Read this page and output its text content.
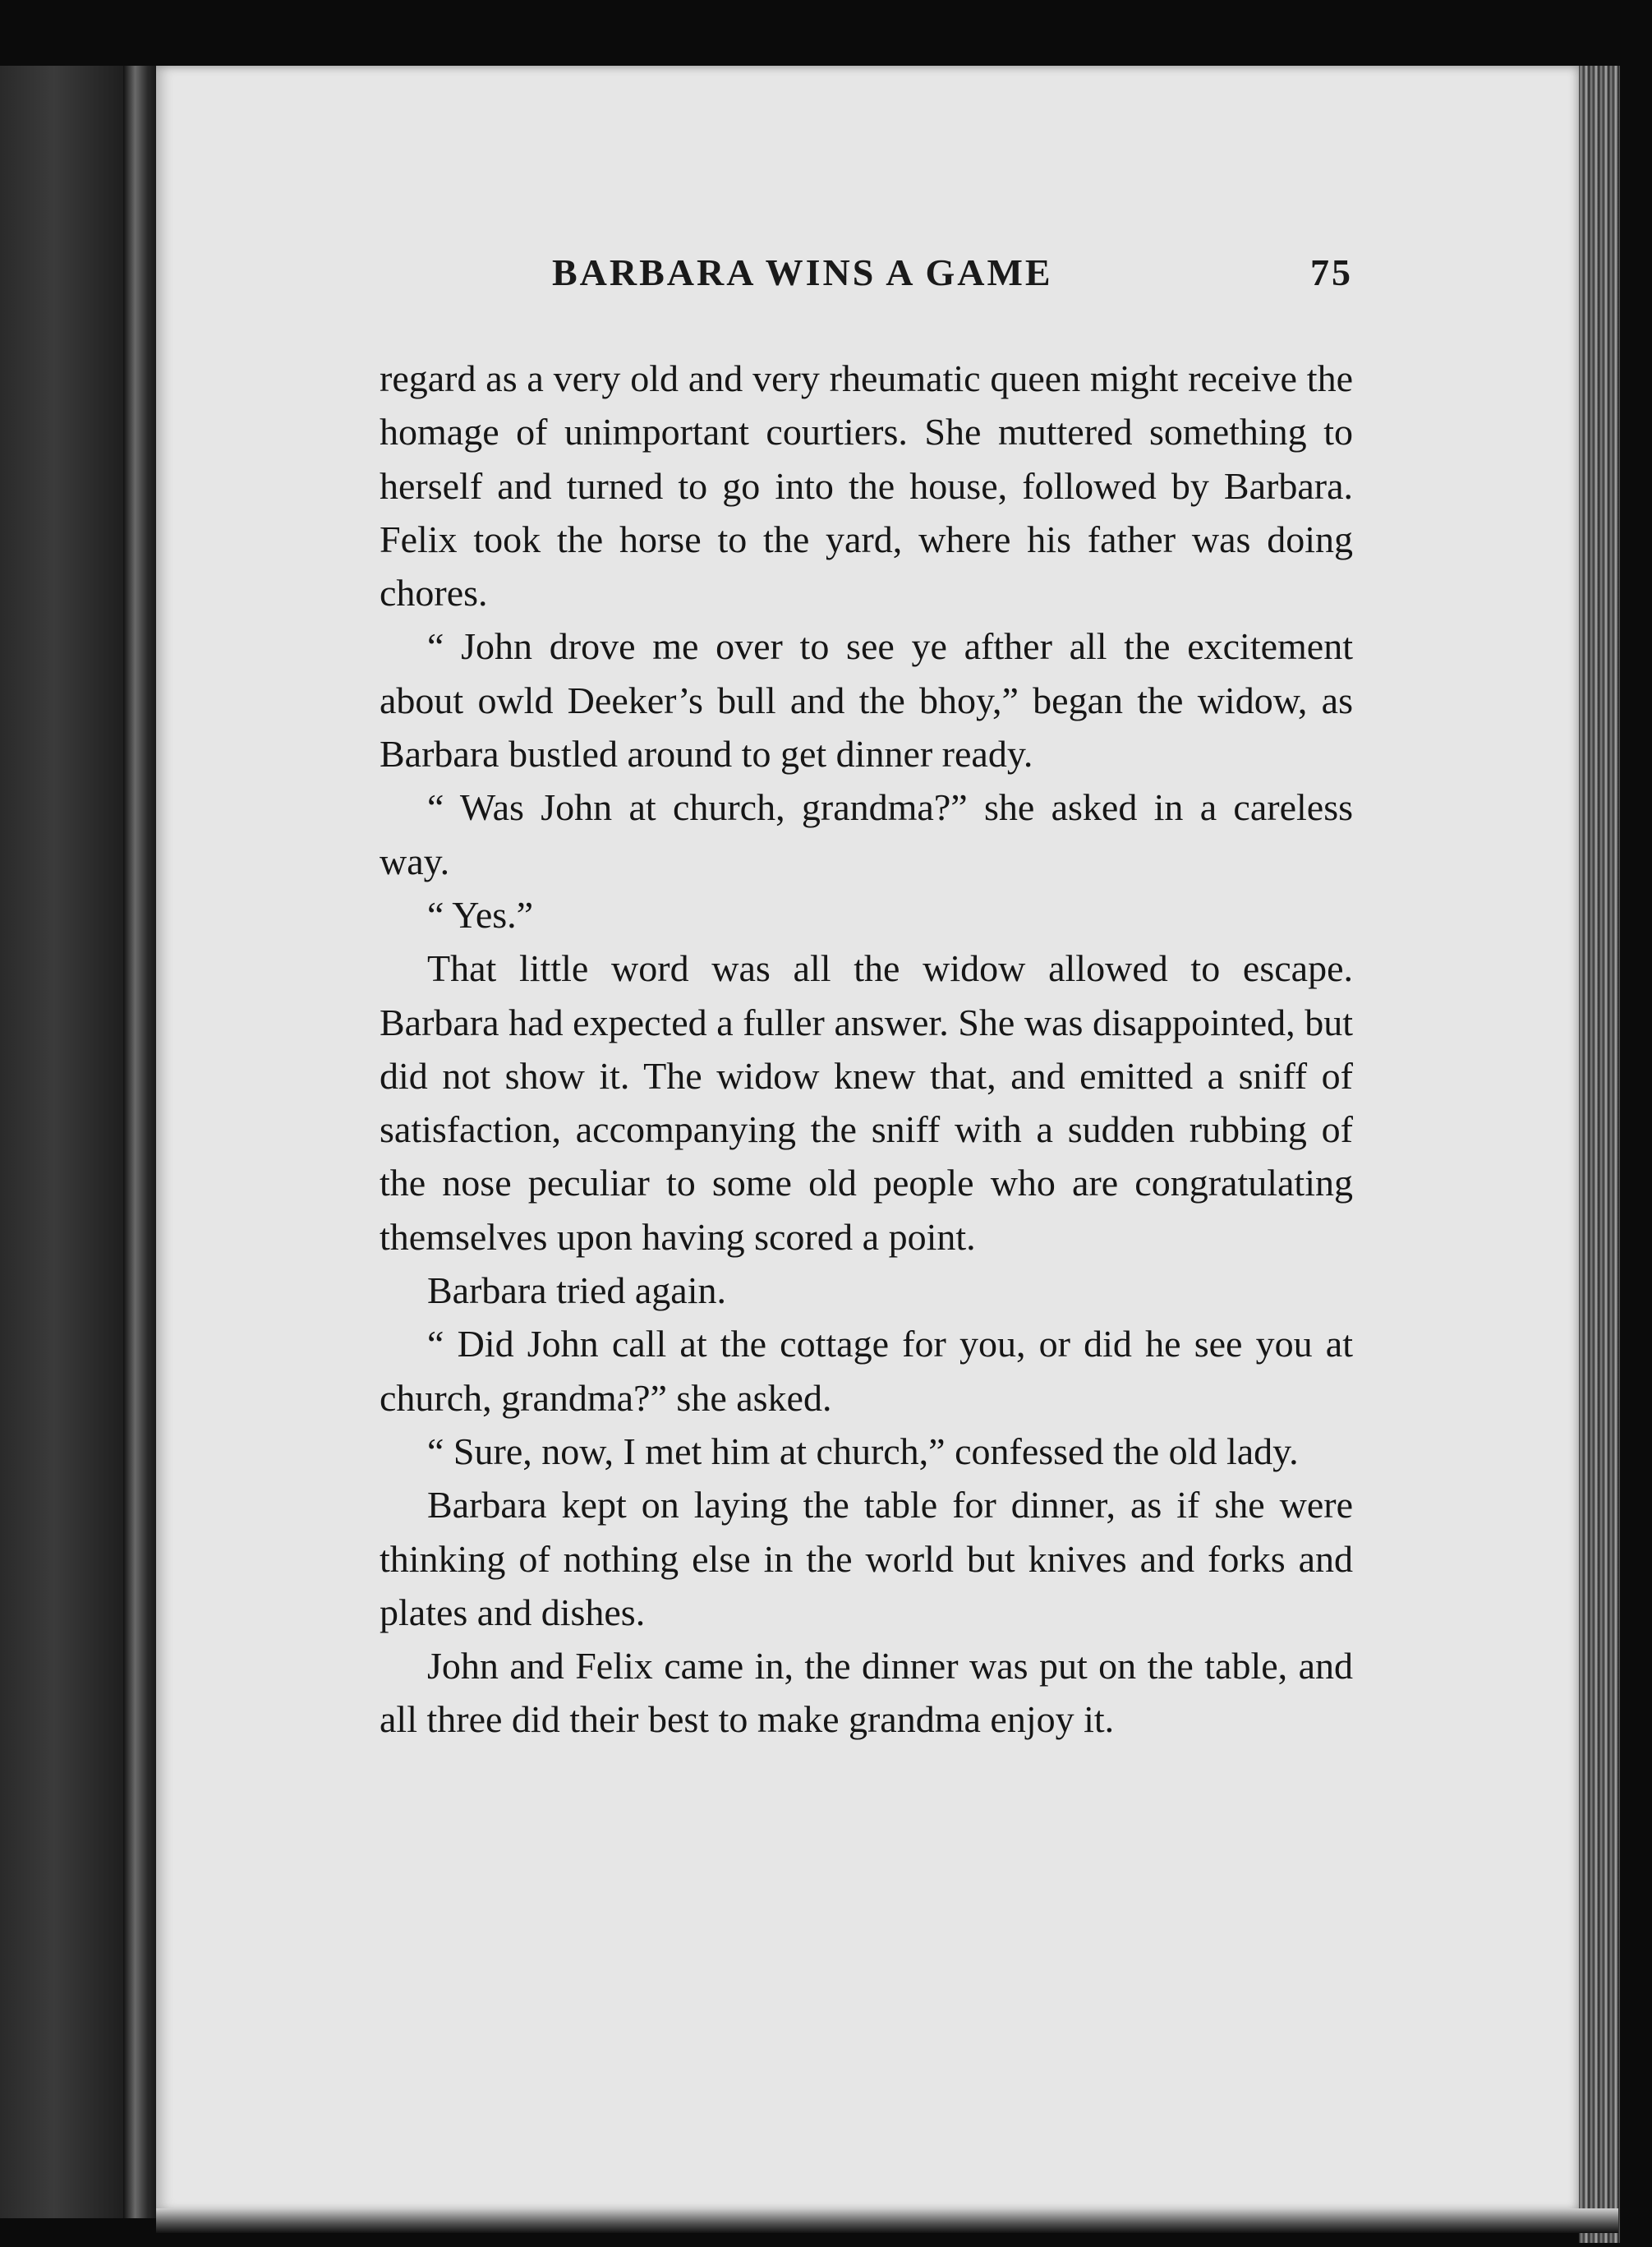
BARBARA WINS A GAME	75

regard as a very old and very rheumatic queen might receive the homage of unimportant courtiers. She muttered something to herself and turned to go into the house, followed by Barbara. Felix took the horse to the yard, where his father was doing chores.

“ John drove me over to see ye afther all the excitement about owld Deeker’s bull and the bhoy,” began the widow, as Barbara bustled around to get dinner ready.

“ Was John at church, grandma?” she asked in a careless way.

“ Yes.”

That little word was all the widow allowed to escape. Barbara had expected a fuller answer. She was disappointed, but did not show it. The widow knew that, and emitted a sniff of satisfaction, accompanying the sniff with a sudden rubbing of the nose peculiar to some old people who are congratulating themselves upon having scored a point.

Barbara tried again.

“ Did John call at the cottage for you, or did he see you at church, grandma?” she asked.

“ Sure, now, I met him at church,” confessed the old lady.

Barbara kept on laying the table for dinner, as if she were thinking of nothing else in the world but knives and forks and plates and dishes.

John and Felix came in, the dinner was put on the table, and all three did their best to make grandma enjoy it.
